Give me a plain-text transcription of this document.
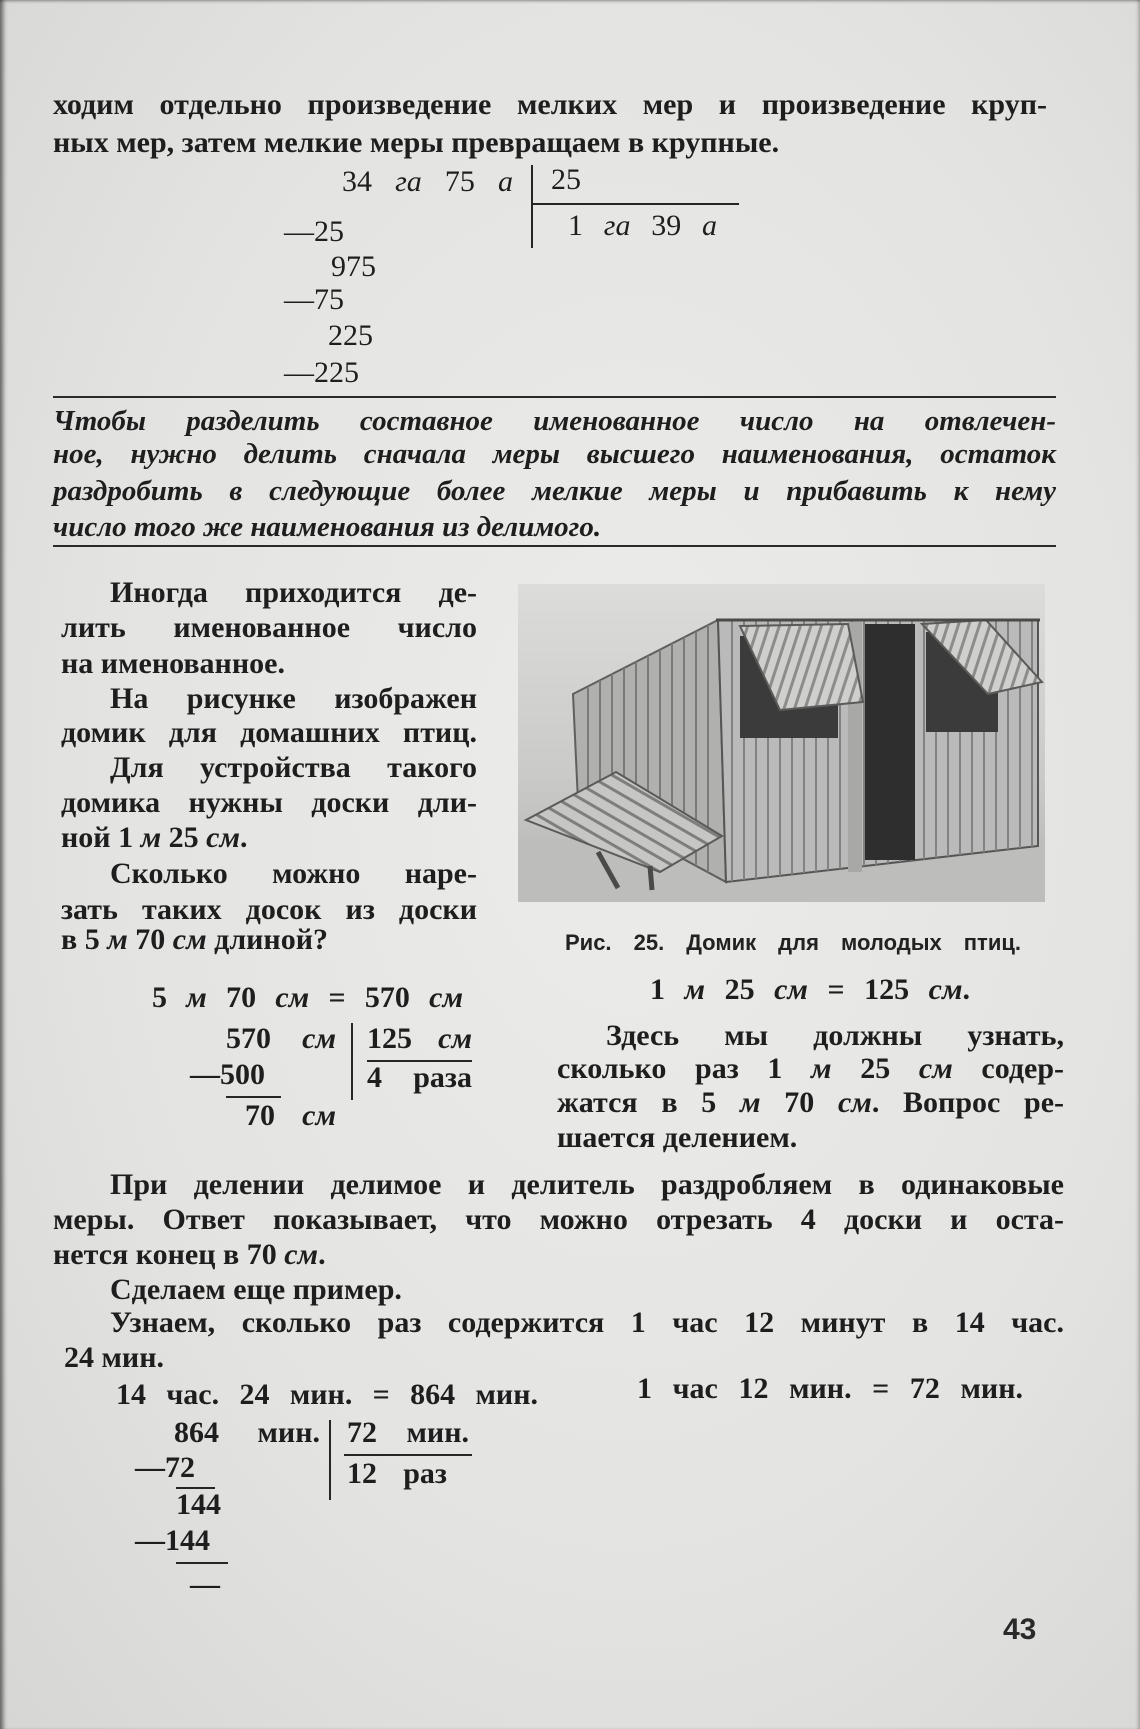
ходим отдельно произведение мелких мер и произведение круп-
ных мер, затем мелкие меры превращаем в крупные.
34 га 75 а 25
1 га 39 а
—25
975
—75
225
—225
Чтобы разделить составное именованное число на отвлечен-
ное, нужно делить сначала меры высшего наименования, остаток
раздробить в следующие более мелкие меры и прибавить к нему
число того же наименования из делимого.
Иногда приходится де-
лить именованное число
на именованное.
На рисунке изображен
домик для домашних птиц.
Для устройства такого
домика нужны доски дли-
ной 1 м 25 см.
Сколько можно наре-
зать таких досок из доски
в 5 м 70 см длиной?	Рис. 25. Домик для молодых птиц.
5 м 70 см = 570 см	1 м 25 см = 125 см.
570 см 125 см
4 раза
—500
70 см
Здесь мы должны узнать,
сколько раз 1 м 25 см содер-
жатся в 5 м 70 см. Вопрос ре-
шается делением.
При делении делимое и делитель раздробляем в одинаковые
меры. Ответ показывает, что можно отрезать 4 доски и оста-
нется конец в 70 см.
Сделаем еще пример.
Узнаем, сколько раз содержится 1 час 12 минут в 14 час.
24 мин.
14 час. 24 мин. = 864 мин.	1 час 12 мин. = 72 мин.
864 мин. 72 мин.
12 раз
—72
144
—144
—
43
